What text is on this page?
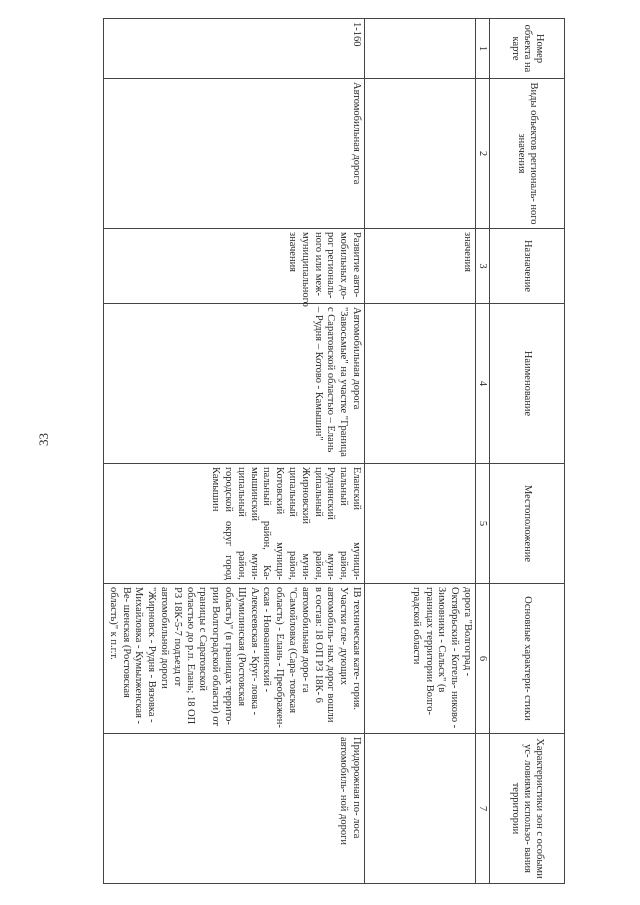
33
Номер объекта на карте	Виды объектов региональ- ного значения	Назначение	Наименование	Местоположение	Основные характери- стики	Характеристики зон с особыми ус- ловиями использо- вания территории
1	2	3	4	5	6	7
		значения			дорога "Волгоград - Октябрьский - Котель- никово - Зимовники - Сальск" (в границах территории Волго- градской области	
1-160	Автомобильная дорога	Развитие авто- мобильных до- рог региональ- ного или меж- муниципального значения	Автомобильная дорога "Завосьмые" на участке "Граница с Саратовской областью – Елань – Рудня – Котово - Камышин"	Еланский муници- пальный район, Руднянский муни- ципальный район, Жирновский муни- ципальный район, Котовский муници- пальный район, Ка- мышинский муни- ципальный район, городской округ город Камышин	IВ техническая кате- гория. Участки сле- дующих автомобиль- ных дорог вошли в состав: 18 ОП РЗ 18К- 6 автомобильная доро- га "Самойловка (Сара- товская область) - Елань - Преображен- ская - Новоаннинский - Алексеевская - Круг- ловка - Шумилинская (Ростовская область)" (в границах террито- рии Волгоградской области) от границы с Саратовской областью до р.п. Елань; 18 ОП РЗ 18К-5-7 подъезд от автомобильной дороги "Жирновск - Рудня - Вязовка - Михайловка - Кумылженская - Ве- шенская (Ростовская область)" к п.г.т.	Придорожная по- лоса автомобиль- ной дороги
